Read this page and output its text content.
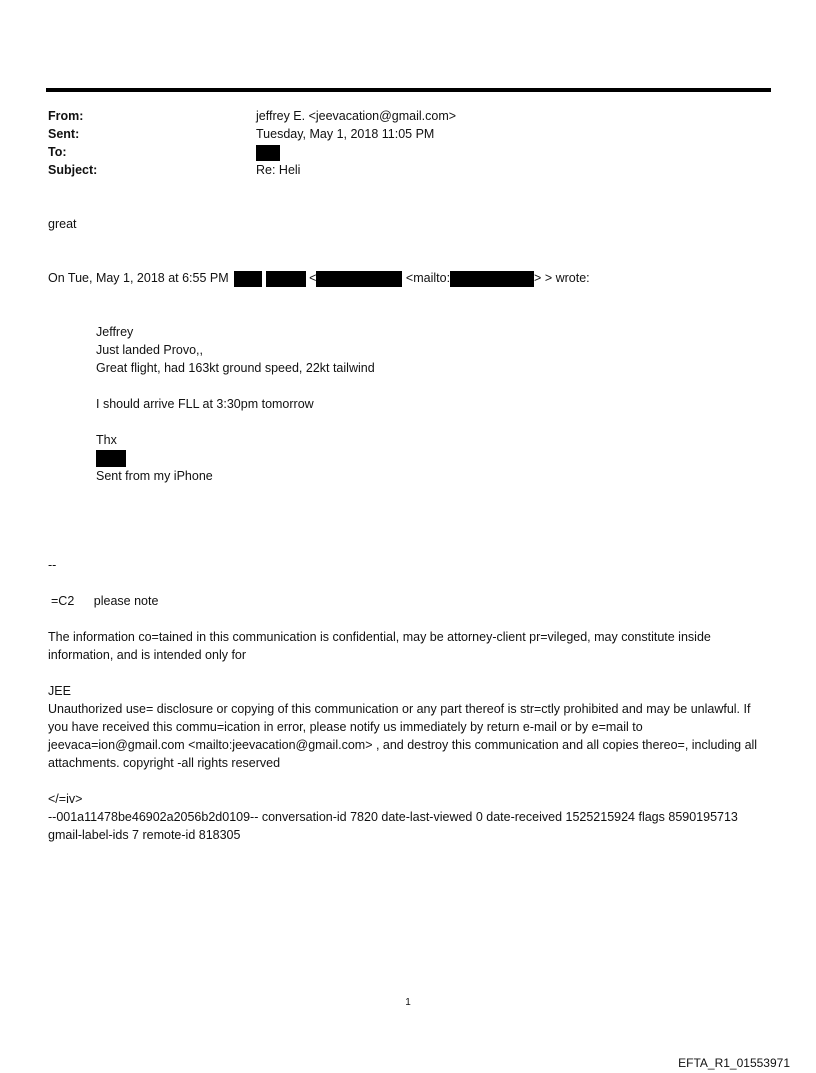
From:	jeffrey E. <jeevacation@gmail.com>
Sent:	Tuesday, May 1, 2018 11:05 PM
To:
Subject:	Re: Heli
great
On Tue, May 1, 2018 at 6:55 PM	<	<mailto:	> > wrote:
Jeffrey
Just landed Provo,,
Great flight, had 163kt ground speed, 22kt tailwind
I should arrive FLL at 3:30pm tomorrow
Thx
Sent from my iPhone
--
=C2 please note
The information co=tained in this communication is confidential, may be attorney-client pr=vileged, may constitute inside information, and is intended only for
JEE
Unauthorized use= disclosure or copying of this communication or any part thereof is str=ctly prohibited and may be unlawful. If you have received this commu=ication in error, please notify us immediately by return e-mail or by e=mail to jeevaca=ion@gmail.com <mailto:jeevacation@gmail.com> , and destroy this communication and all copies thereo=, including all attachments. copyright -all rights reserved
</=iv>
--001a11478be46902a2056b2d0109-- conversation-id 7820 date-last-viewed 0 date-received 1525215924 flags 8590195713 gmail-label-ids 7 remote-id 818305
1
EFTA_R1_01553971
